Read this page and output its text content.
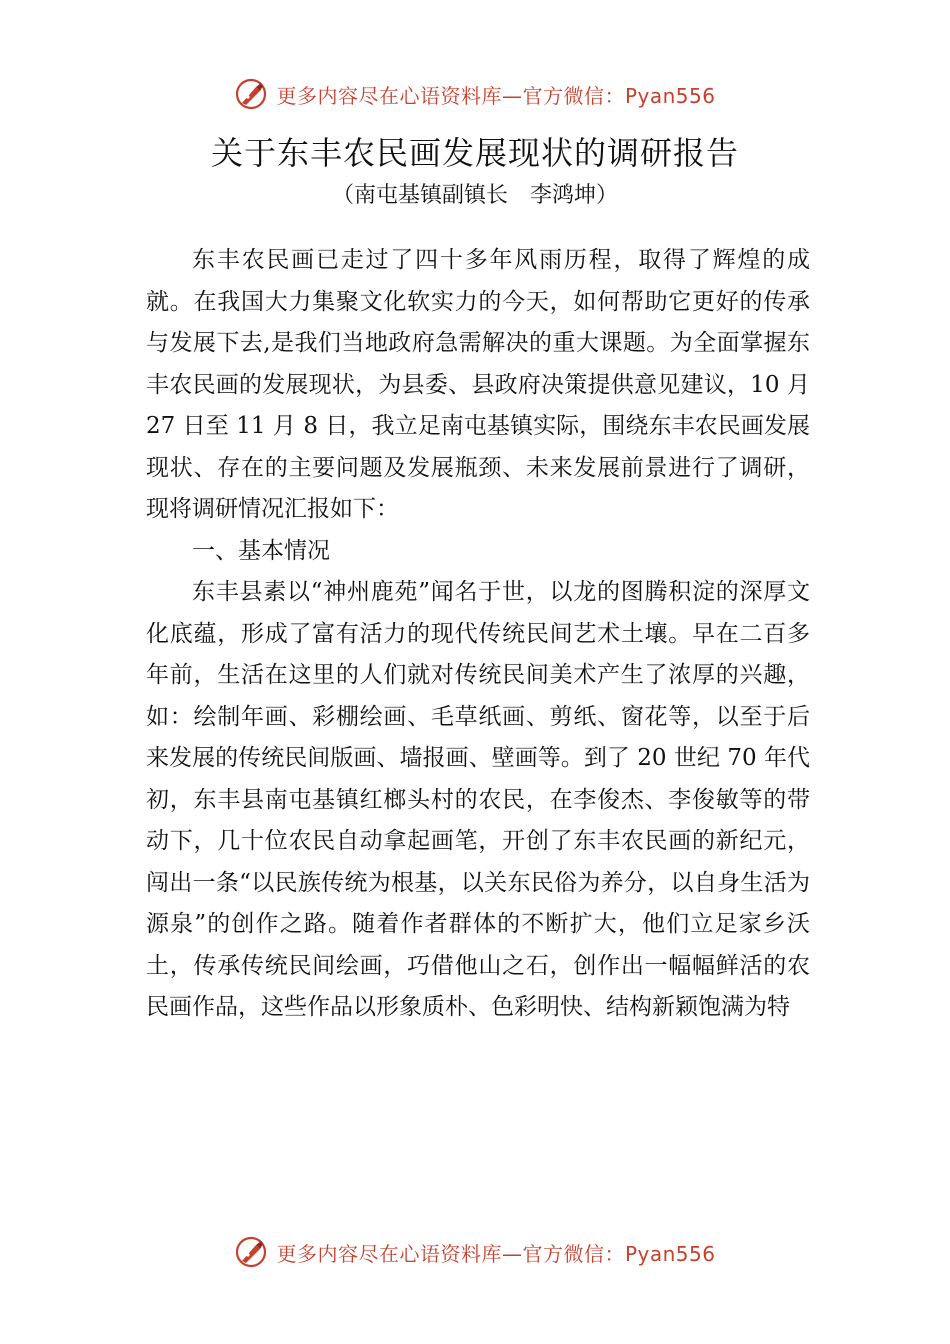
更多内容尽在心语资料库—官方微信：Pyan556
关于东丰农民画发展现状的调研报告
（南屯基镇副镇长　李鸿坤）

东丰农民画已走过了四十多年风雨历程，取得了辉煌的成就。在我国大力集聚文化软实力的今天，如何帮助它更好的传承与发展下去,是我们当地政府急需解决的重大课题。为全面掌握东丰农民画的发展现状，为县委、县政府决策提供意见建议，10 月 27 日至 11 月 8 日，我立足南屯基镇实际，围绕东丰农民画发展现状、存在的主要问题及发展瓶颈、未来发展前景进行了调研，现将调研情况汇报如下：

一、基本情况

东丰县素以“神州鹿苑”闻名于世，以龙的图腾积淀的深厚文化底蕴，形成了富有活力的现代传统民间艺术土壤。早在二百多年前，生活在这里的人们就对传统民间美术产生了浓厚的兴趣，如：绘制年画、彩棚绘画、毛草纸画、剪纸、窗花等，以至于后来发展的传统民间版画、墙报画、壁画等。到了 20 世纪 70 年代初，东丰县南屯基镇红榔头村的农民，在李俊杰、李俊敏等的带动下，几十位农民自动拿起画笔，开创了东丰农民画的新纪元，闯出一条“以民族传统为根基，以关东民俗为养分，以自身生活为源泉”的创作之路。随着作者群体的不断扩大，他们立足家乡沃土，传承传统民间绘画，巧借他山之石，创作出一幅幅鲜活的农民画作品，这些作品以形象质朴、色彩明快、结构新颖饱满为特

更多内容尽在心语资料库—官方微信：Pyan556
